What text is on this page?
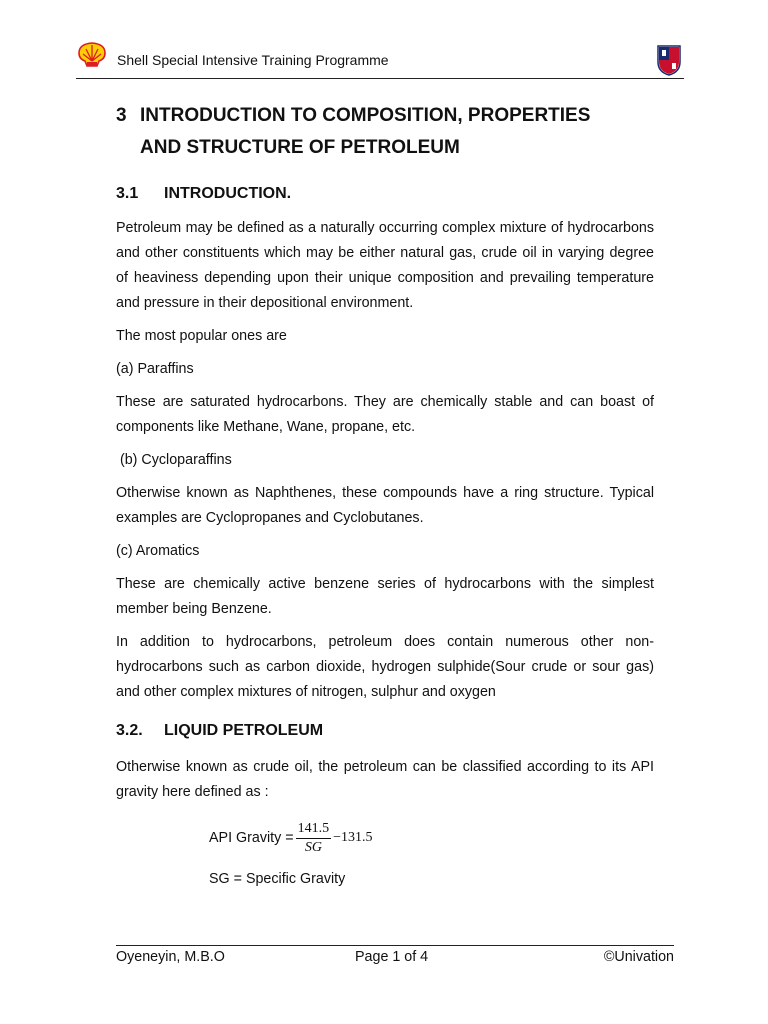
Shell Special Intensive Training Programme
3 INTRODUCTION TO COMPOSITION, PROPERTIES
AND STRUCTURE OF PETROLEUM
3.1	INTRODUCTION.

Petroleum may be defined as a naturally occurring complex mixture of hydrocarbons and other constituents which may be either natural gas, crude oil in varying degree of heaviness depending upon their unique composition and prevailing temperature and pressure in their depositional environment.

The most popular ones are

(a) Paraffins

These are saturated hydrocarbons. They are chemically stable and can boast of components like Methane, Wane, propane, etc.

(b) Cycloparaffins

Otherwise known as Naphthenes, these compounds have a ring structure. Typical examples are Cyclopropanes and Cyclobutanes.

(c) Aromatics

These are chemically active benzene series of hydrocarbons with the simplest member being Benzene.

In addition to hydrocarbons, petroleum does contain numerous other non-hydrocarbons such as carbon dioxide, hydrogen sulphide(Sour crude or sour gas) and other complex mixtures of nitrogen, sulphur and oxygen

3.2.	LIQUID PETROLEUM

Otherwise known as crude oil, the petroleum can be classified according to its API gravity here defined as :

API Gravity = $\frac{141.5}{SG} -131.5$

SG = Specific Gravity

Oyeneyin, M.B.O	Page 1 of 4	©Univation
